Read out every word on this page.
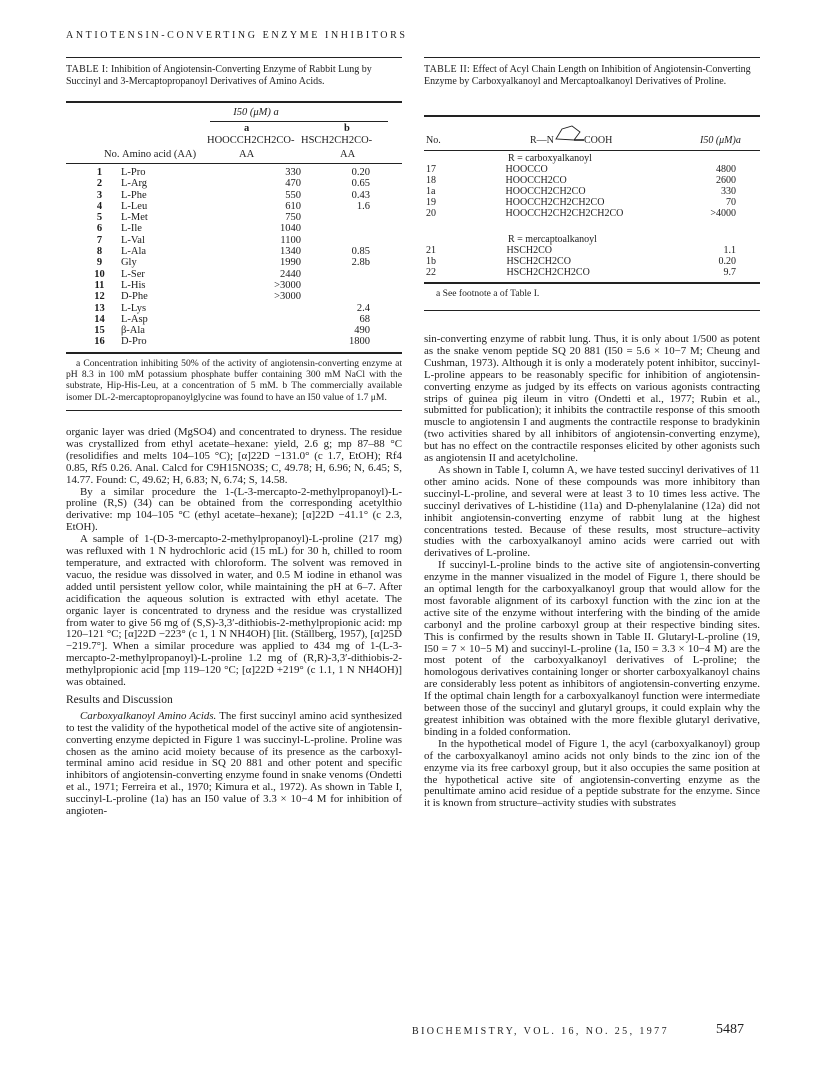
ANTIOTENSIN-CONVERTING ENZYME INHIBITORS
TABLE I: Inhibition of Angiotensin-Converting Enzyme of Rabbit Lung by Succinyl and 3-Mercaptopropanoyl Derivatives of Amino Acids.
I50 (μM) a
a	b
HOOCCH2CH2CO- HSCH2CH2CO-
No. Amino acid (AA)	AA	AA
1	L-Pro	330	0.20
2	L-Arg	470	0.65
3	L-Phe	550	0.43
4	L-Leu	610	1.6
5	L-Met	750	
6	L-Ile	1040	
7	L-Val	1100	
8	L-Ala	1340	0.85
9	Gly	1990	2.8b
10	L-Ser	2440	
11	L-His	>3000	
12	D-Phe	>3000	
13	L-Lys		2.4
14	L-Asp		68
15	β-Ala		490
16	D-Pro		1800
a Concentration inhibiting 50% of the activity of angiotensin-converting enzyme at pH 8.3 in 100 mM potassium phosphate buffer containing 300 mM NaCl with the substrate, Hip-His-Leu, at a concentration of 5 mM. b The commercially available isomer DL-2-mercaptopropanoylglycine was found to have an I50 value of 1.7 μM.
TABLE II: Effect of Acyl Chain Length on Inhibition of Angiotensin-Converting Enzyme by Carboxyalkanoyl and Mercaptoalkanoyl Derivatives of Proline.
No.	R—N	COOH	I50 (μM)a
R = carboxyalkanoyl
17	HOOCCO	4800
18	HOOCCH2CO	2600
1a	HOOCCH2CH2CO	330
19	HOOCCH2CH2CH2CO	70
20	HOOCCH2CH2CH2CH2CO	>4000
R = mercaptoalkanoyl
21	HSCH2CO	1.1
1b	HSCH2CH2CO	0.20
22	HSCH2CH2CH2CO	9.7
a See footnote a of Table I.

organic layer was dried (MgSO4) and concentrated to dryness. The residue was crystallized from ethyl acetate–hexane: yield, 2.6 g; mp 87–88 °C (resolidifies and melts 104–105 °C); [α]22D −131.0° (c 1.7, EtOH); Rf4 0.85, Rf5 0.26. Anal. Calcd for C9H15NO3S; C, 49.78; H, 6.96; N, 6.45; S, 14.77. Found: C, 49.62; H, 6.83; N, 6.74; S, 14.58.

By a similar procedure the 1-(L-3-mercapto-2-methylpropanoyl)-L-proline (R,S) (34) can be obtained from the corresponding acetylthio derivative: mp 104–105 °C (ethyl acetate–hexane); [α]22D −41.1° (c 2.3, EtOH).

A sample of 1-(D-3-mercapto-2-methylpropanoyl)-L-proline (217 mg) was refluxed with 1 N hydrochloric acid (15 mL) for 30 h, chilled to room temperature, and extracted with chloroform. The solvent was removed in vacuo, the residue was dissolved in water, and 0.5 M iodine in ethanol was added until persistent yellow color, while maintaining the pH at 6–7. After acidification the aqueous solution is extracted with ethyl acetate. The organic layer is concentrated to dryness and the residue was crystallized from water to give 56 mg of (S,S)-3,3′-dithiobis-2-methylpropionic acid: mp 120–121 °C; [α]22D −223° (c 1, 1 N NH4OH) [lit. (Ställberg, 1957), [α]25D −219.7°]. When a similar procedure was applied to 434 mg of 1-(L-3-mercapto-2-methylpropanoyl)-L-proline 1.2 mg of (R,R)-3,3′-dithiobis-2-methylpropionic acid [mp 119–120 °C; [α]22D +219° (c 1.1, 1 N NH4OH)] was obtained.

Results and Discussion

Carboxyalkanoyl Amino Acids. The first succinyl amino acid synthesized to test the validity of the hypothetical model of the active site of angiotensin-converting enzyme depicted in Figure 1 was succinyl-L-proline. Proline was chosen as the amino acid moiety because of its presence as the carboxyl-terminal amino acid residue in SQ 20 881 and other potent and specific inhibitors of angiotensin-converting enzyme found in snake venoms (Ondetti et al., 1971; Ferreira et al., 1970; Kimura et al., 1972). As shown in Table I, succinyl-L-proline (1a) has an I50 value of 3.3 × 10−4 M for inhibition of angioten-

sin-converting enzyme of rabbit lung. Thus, it is only about 1/500 as potent as the snake venom peptide SQ 20 881 (I50 = 5.6 × 10−7 M; Cheung and Cushman, 1973). Although it is only a moderately potent inhibitor, succinyl-L-proline appears to be reasonably specific for inhibition of angiotensin-converting enzyme as judged by its effects on various agonists contracting strips of guinea pig ileum in vitro (Ondetti et al., 1977; Rubin et al., submitted for publication); it inhibits the contractile response of this smooth muscle to angiotensin I and augments the contractile response to bradykinin (two activities shared by all inhibitors of angiotensin-converting enzyme), but has no effect on the contractile responses elicited by other agonists such as angiotensin II and acetylcholine.

As shown in Table I, column A, we have tested succinyl derivatives of 11 other amino acids. None of these compounds was more inhibitory than succinyl-L-proline, and several were at least 3 to 10 times less active. The succinyl derivatives of L-histidine (11a) and D-phenylalanine (12a) did not inhibit angiotensin-converting enzyme of rabbit lung at the highest concentrations tested. Because of these results, most structure–activity studies with the carboxyalkanoyl amino acids were carried out with derivatives of L-proline.

If succinyl-L-proline binds to the active site of angiotensin-converting enzyme in the manner visualized in the model of Figure 1, there should be an optimal length for the carboxyalkanoyl group that would allow for the most favorable alignment of its carboxyl function with the zinc ion at the active site of the enzyme without interfering with the binding of the amide carbonyl and the proline carboxyl group at their respective binding sites. This is confirmed by the results shown in Table II. Glutaryl-L-proline (19, I50 = 7 × 10−5 M) and succinyl-L-proline (1a, I50 = 3.3 × 10−4 M) are the most potent of the carboxyalkanoyl derivatives of L-proline; the homologous derivatives containing longer or shorter carboxyalkanoyl chains are considerably less potent as inhibitors of angiotensin-converting enzyme. If the optimal chain length for a carboxyalkanoyl function were intermediate between those of the succinyl and glutaryl groups, it could explain why the greatest inhibition was obtained with the more flexible glutaryl derivative, binding in a folded conformation.

In the hypothetical model of Figure 1, the acyl (carboxyalkanoyl) group of the carboxyalkanoyl amino acids not only binds to the zinc ion of the enzyme via its free carboxyl group, but it also occupies the same position at the hypothetical active site of angiotensin-converting enzyme as the penultimate amino acid residue of a peptide substrate for the enzyme. Since it is known from structure–activity studies with substrates

BIOCHEMISTRY, VOL. 16, NO. 25, 1977	5487
